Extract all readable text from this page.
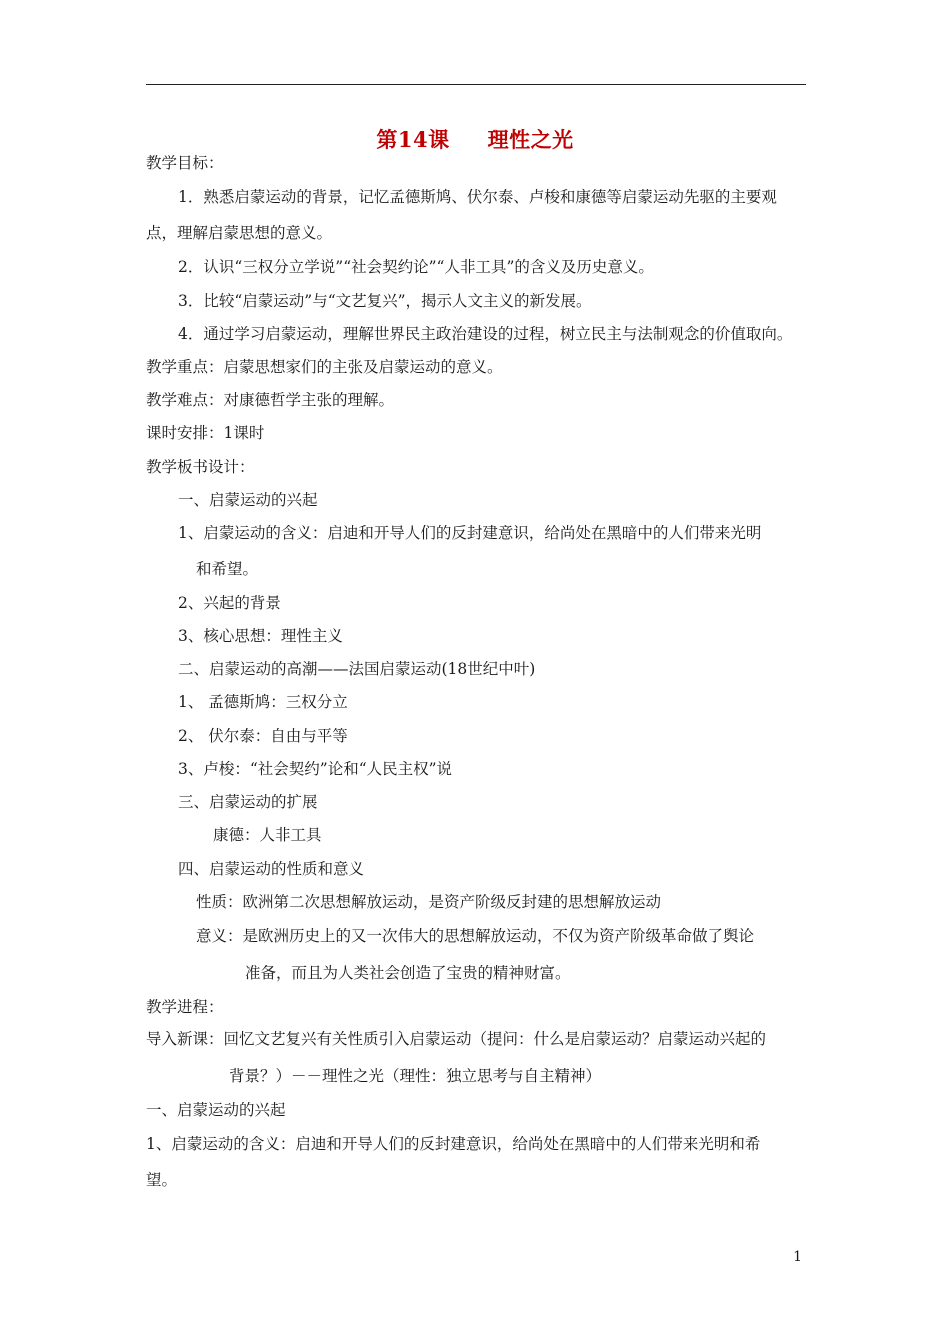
第14课 理性之光
教学目标：
1．熟悉启蒙运动的背景，记忆孟德斯鸠、伏尔泰、卢梭和康德等启蒙运动先驱的主要观
点，理解启蒙思想的意义。
2．认识“三权分立学说”“社会契约论”“人非工具”的含义及历史意义。
3．比较“启蒙运动”与“文艺复兴”，揭示人文主义的新发展。
4．通过学习启蒙运动，理解世界民主政治建设的过程，树立民主与法制观念的价值取向。
教学重点：启蒙思想家们的主张及启蒙运动的意义。
教学难点：对康德哲学主张的理解。
课时安排：1课时
教学板书设计：
一、启蒙运动的兴起
1、启蒙运动的含义：启迪和开导人们的反封建意识，给尚处在黑暗中的人们带来光明
和希望。
2、兴起的背景
3、核心思想：理性主义
二、启蒙运动的高潮——法国启蒙运动(18世纪中叶)
1、 孟德斯鸠：三权分立
2、 伏尔泰：自由与平等
3、卢梭：“社会契约”论和“人民主权”说
三、启蒙运动的扩展
康德：人非工具
四、启蒙运动的性质和意义
性质：欧洲第二次思想解放运动，是资产阶级反封建的思想解放运动
意义：是欧洲历史上的又一次伟大的思想解放运动，不仅为资产阶级革命做了舆论
准备，而且为人类社会创造了宝贵的精神财富。
教学进程：
导入新课：回忆文艺复兴有关性质引入启蒙运动（提问：什么是启蒙运动？启蒙运动兴起的
背景？）－－理性之光（理性：独立思考与自主精神）
一、启蒙运动的兴起
1、启蒙运动的含义：启迪和开导人们的反封建意识，给尚处在黑暗中的人们带来光明和希
望。
1
